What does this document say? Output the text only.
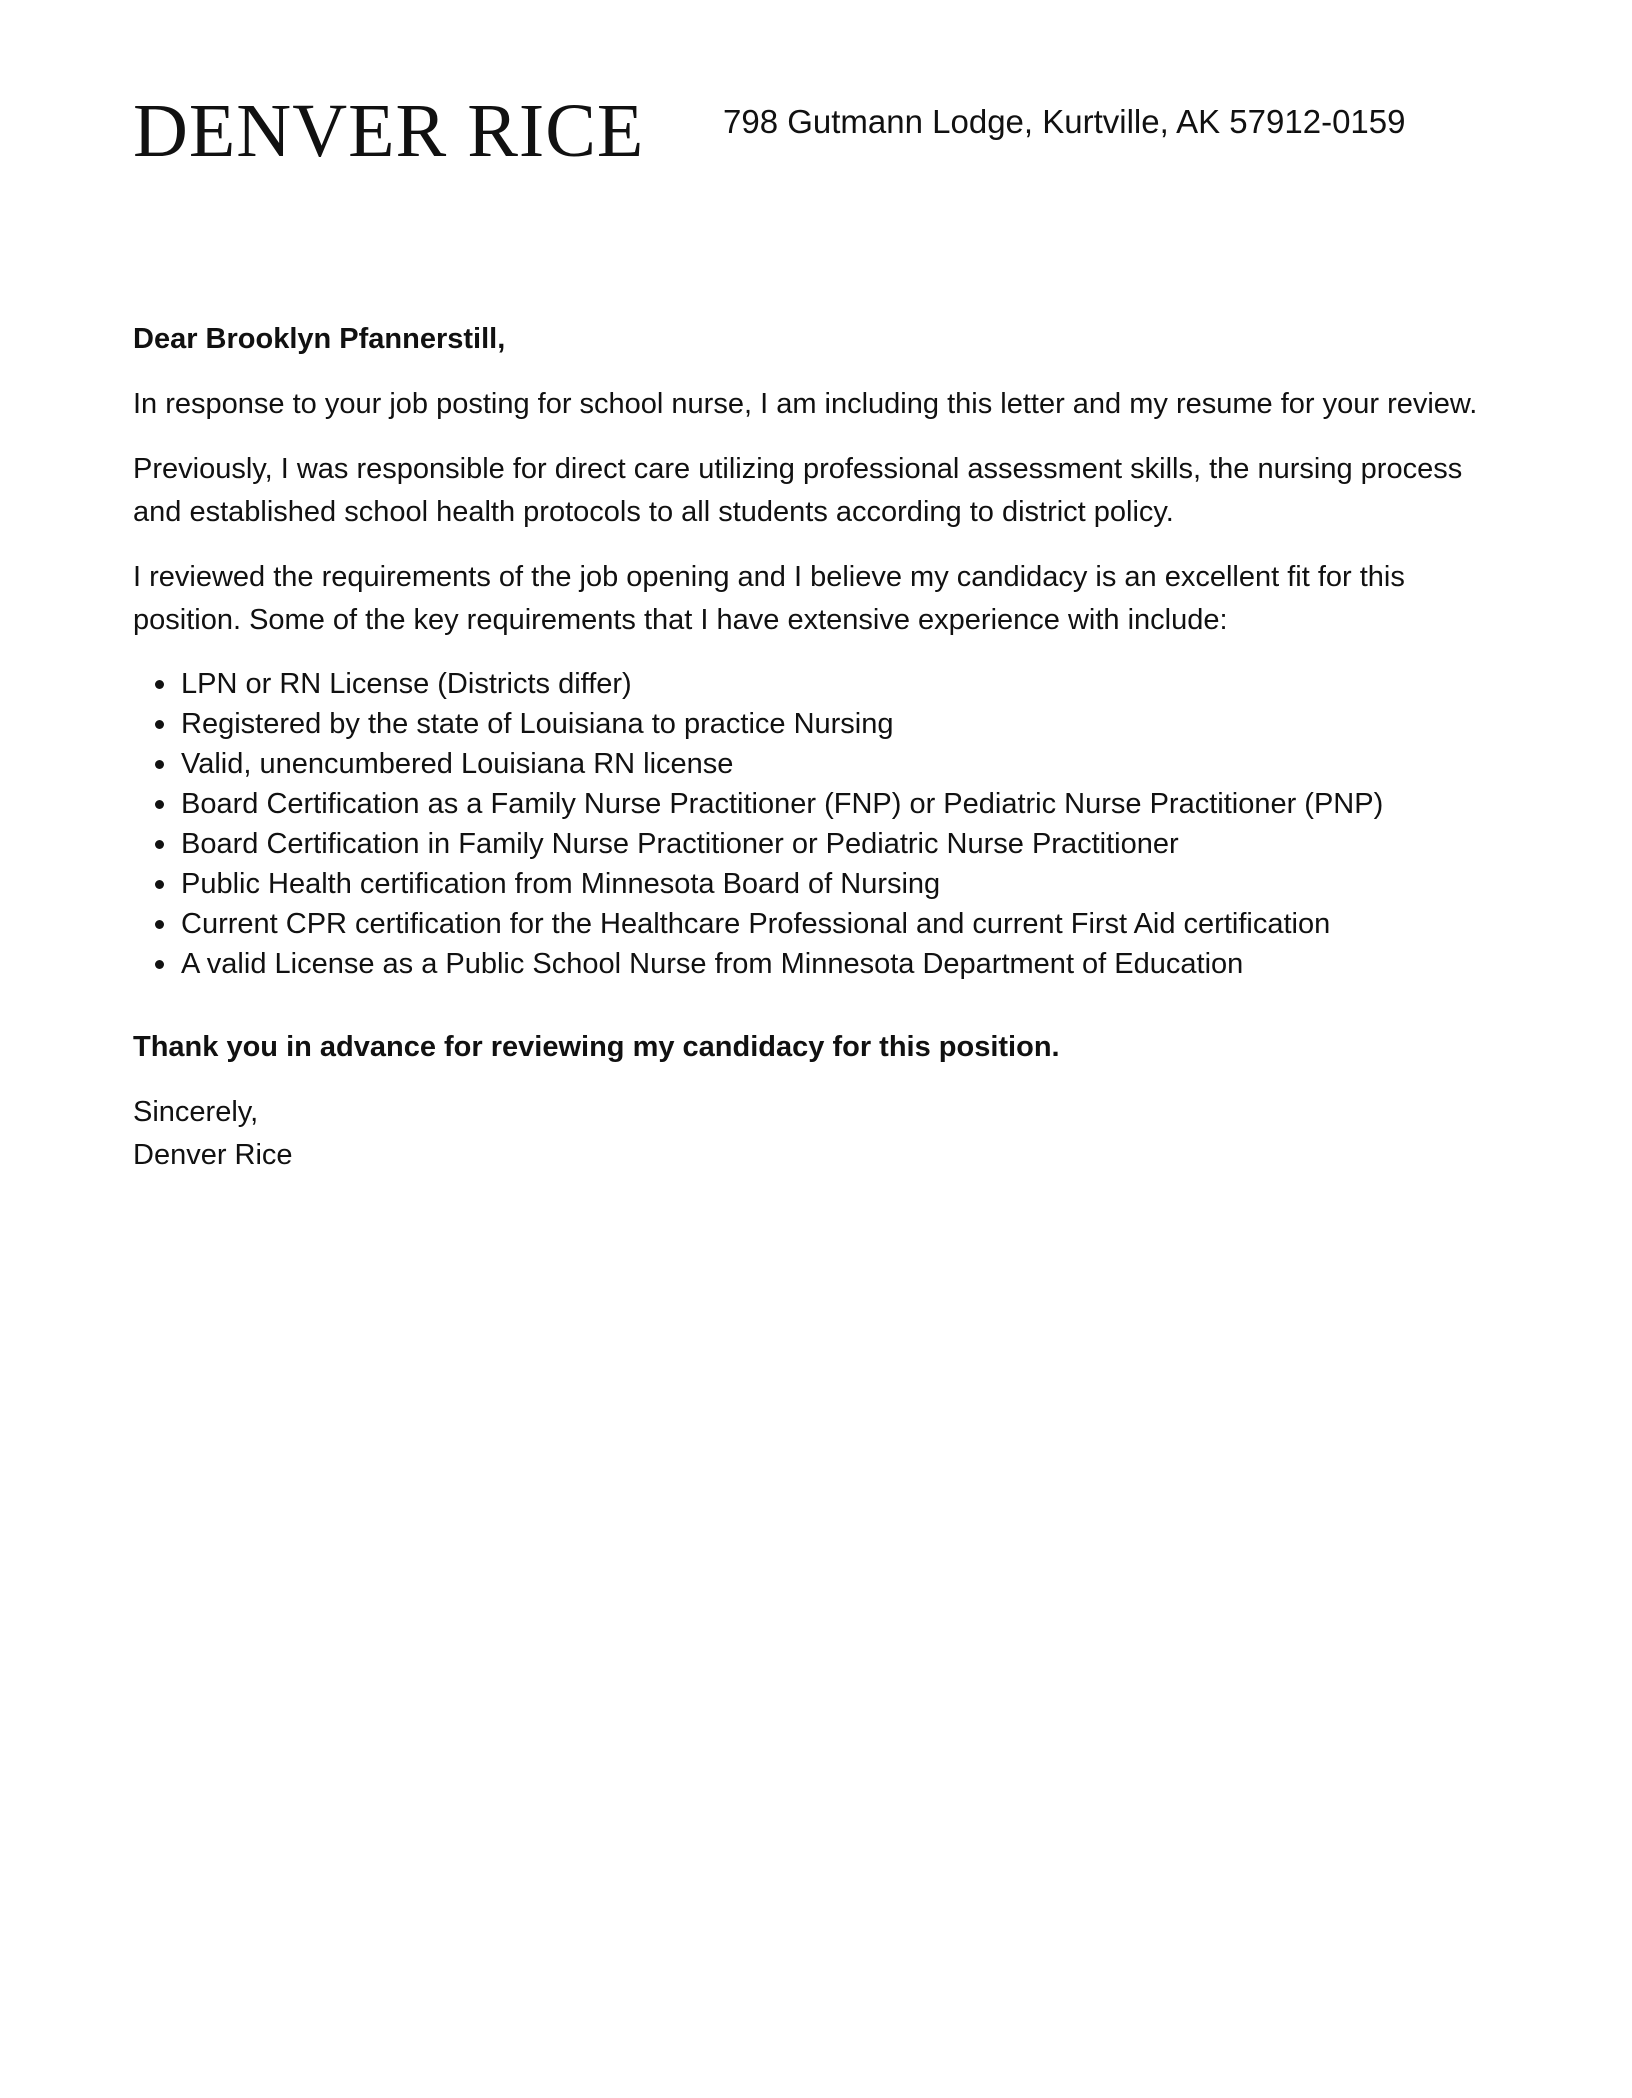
DENVER RICE 798 Gutmann Lodge, Kurtville, AK 57912-0159

Dear Brooklyn Pfannerstill,

In response to your job posting for school nurse, I am including this letter and my resume for your review.

Previously, I was responsible for direct care utilizing professional assessment skills, the nursing process and established school health protocols to all students according to district policy.

I reviewed the requirements of the job opening and I believe my candidacy is an excellent fit for this position. Some of the key requirements that I have extensive experience with include:

LPN or RN License (Districts differ)
Registered by the state of Louisiana to practice Nursing
Valid, unencumbered Louisiana RN license
Board Certification as a Family Nurse Practitioner (FNP) or Pediatric Nurse Practitioner (PNP)
Board Certification in Family Nurse Practitioner or Pediatric Nurse Practitioner
Public Health certification from Minnesota Board of Nursing
Current CPR certification for the Healthcare Professional and current First Aid certification
A valid License as a Public School Nurse from Minnesota Department of Education

Thank you in advance for reviewing my candidacy for this position.

Sincerely,

Denver Rice
